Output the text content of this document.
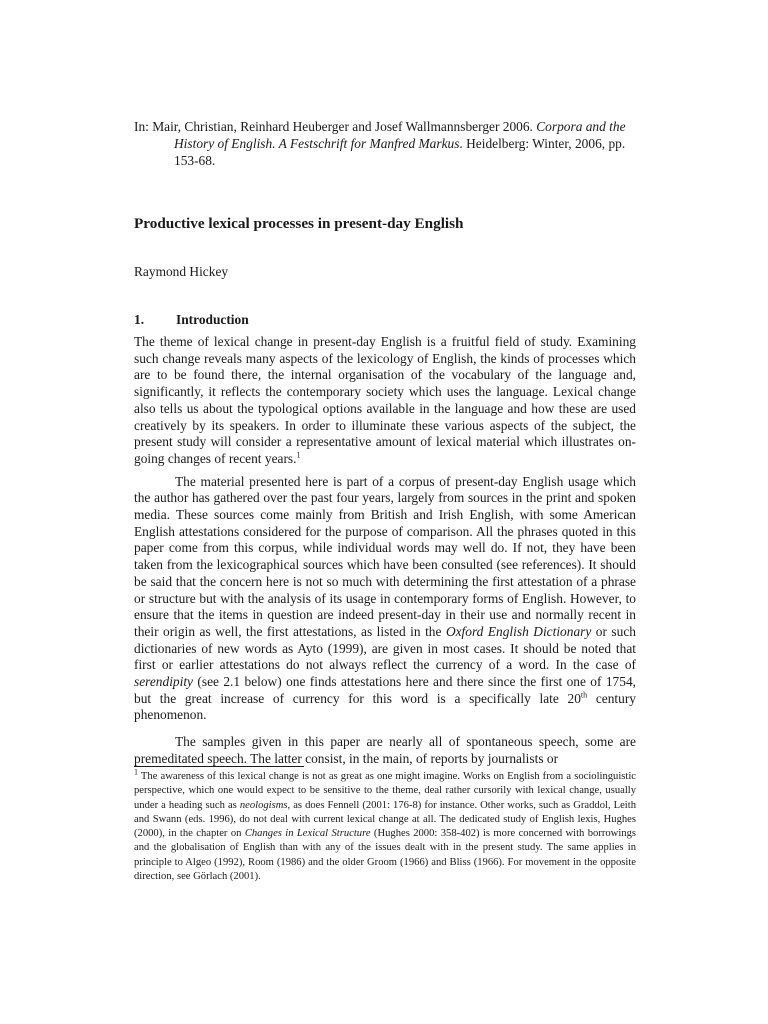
In: Mair, Christian, Reinhard Heuberger and Josef Wallmannsberger 2006. Corpora and the History of English. A Festschrift for Manfred Markus. Heidelberg: Winter, 2006, pp. 153-68.

Productive lexical processes in present-day English

Raymond Hickey

1. Introduction

The theme of lexical change in present-day English is a fruitful field of study. Examining such change reveals many aspects of the lexicology of English, the kinds of processes which are to be found there, the internal organisation of the vocabulary of the language and, significantly, it reflects the contemporary society which uses the language. Lexical change also tells us about the typological options available in the language and how these are used creatively by its speakers. In order to illuminate these various aspects of the subject, the present study will consider a representative amount of lexical material which illustrates on-going changes of recent years.$^1$

The material presented here is part of a corpus of present-day English usage which the author has gathered over the past four years, largely from sources in the print and spoken media. These sources come mainly from British and Irish English, with some American English attestations considered for the purpose of comparison. All the phrases quoted in this paper come from this corpus, while individual words may well do. If not, they have been taken from the lexicographical sources which have been consulted (see references). It should be said that the concern here is not so much with determining the first attestation of a phrase or structure but with the analysis of its usage in contemporary forms of English. However, to ensure that the items in question are indeed present-day in their use and normally recent in their origin as well, the first attestations, as listed in the Oxford English Dictionary or such dictionaries of new words as Ayto (1999), are given in most cases. It should be noted that first or earlier attestations do not always reflect the currency of a word. In the case of serendipity (see 2.1 below) one finds attestations here and there since the first one of 1754, but the great increase of currency for this word is a specifically late 20th century phenomenon.

The samples given in this paper are nearly all of spontaneous speech, some are premeditated speech. The latter consist, in the main, of reports by journalists or

$^1$ The awareness of this lexical change is not as great as one might imagine. Works on English from a sociolinguistic perspective, which one would expect to be sensitive to the theme, deal rather cursorily with lexical change, usually under a heading such as neologisms, as does Fennell (2001: 176-8) for instance. Other works, such as Graddol, Leith and Swann (eds. 1996), do not deal with current lexical change at all. The dedicated study of English lexis, Hughes (2000), in the chapter on Changes in Lexical Structure (Hughes 2000: 358-402) is more concerned with borrowings and the globalisation of English than with any of the issues dealt with in the present study. The same applies in principle to Algeo (1992), Room (1986) and the older Groom (1966) and Bliss (1966). For movement in the opposite direction, see Görlach (2001).
